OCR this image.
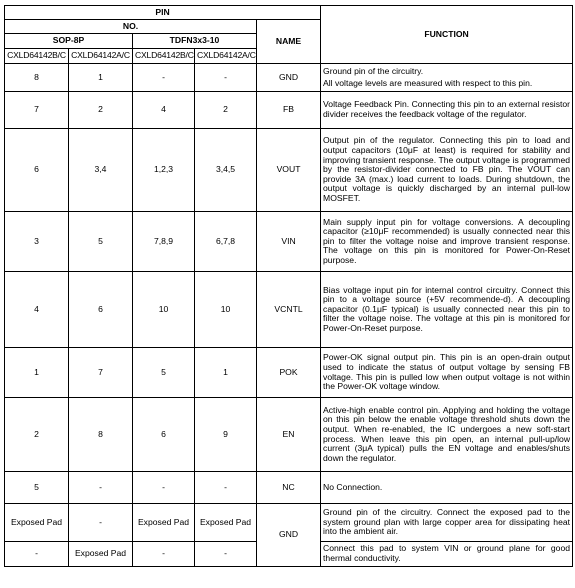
PIN					FUNCTION
NO.				NAME	
SOP-8P		TDFN3x3-10			
CXLD64142B/C	CXLD64142A/C	CXLD64142B/C	CXLD64142A/C		
8	1	-	-	GND	Ground pin of the circuitry.

All voltage levels are measured with respect to this pin.

7	2	4	2	FB	Voltage Feedback Pin. Connecting this pin to an external resistor divider receives the feedback voltage of the regulator.

6	3,4	1,2,3	3,4,5	VOUT	Output pin of the regulator. Connecting this pin to load and output capacitors (10μF at least) is required for stability and improving transient response. The output voltage is programmed by the resistor-divider connected to FB pin. The VOUT can provide 3A (max.) load current to loads. During shutdown, the output voltage is quickly discharged by an internal pull-low MOSFET.

3	5	7,8,9	6,7,8	VIN	Main supply input pin for voltage conversions. A decoupling capacitor (≥10μF recommended) is usually connected near this pin to filter the voltage noise and improve transient response. The voltage on this pin is monitored for Power-On-Reset purpose.

4	6	10	10	VCNTL	Bias voltage input pin for internal control circuitry. Connect this pin to a voltage source (+5V recommende-d). A decoupling capacitor (0.1μF typical) is usually connected near this pin to filter the voltage noise. The voltage at this pin is monitored for Power-On-Reset purpose.

1	7	5	1	POK	Power-OK signal output pin. This pin is an open-drain output used to indicate the status of output voltage by sensing FB voltage. This pin is pulled low when output voltage is not within the Power-OK voltage window.

2	8	6	9	EN	Active-high enable control pin. Applying and holding the voltage on this pin below the enable voltage threshold shuts down the output. When re-enabled, the IC undergoes a new soft-start process. When leave this pin open, an internal pull-up/low current (3μA typical) pulls the EN voltage and enables/shuts down the regulator.

5	-	-	-	NC	No Connection.

Exposed Pad	-	Exposed Pad	Exposed Pad	GND	Ground pin of the circuitry. Connect the exposed pad to the system ground plan with large copper area for dissipating heat into the ambient air.

-	Exposed Pad	-	-		Connect this pad to system VIN or ground plane for good thermal conductivity.
